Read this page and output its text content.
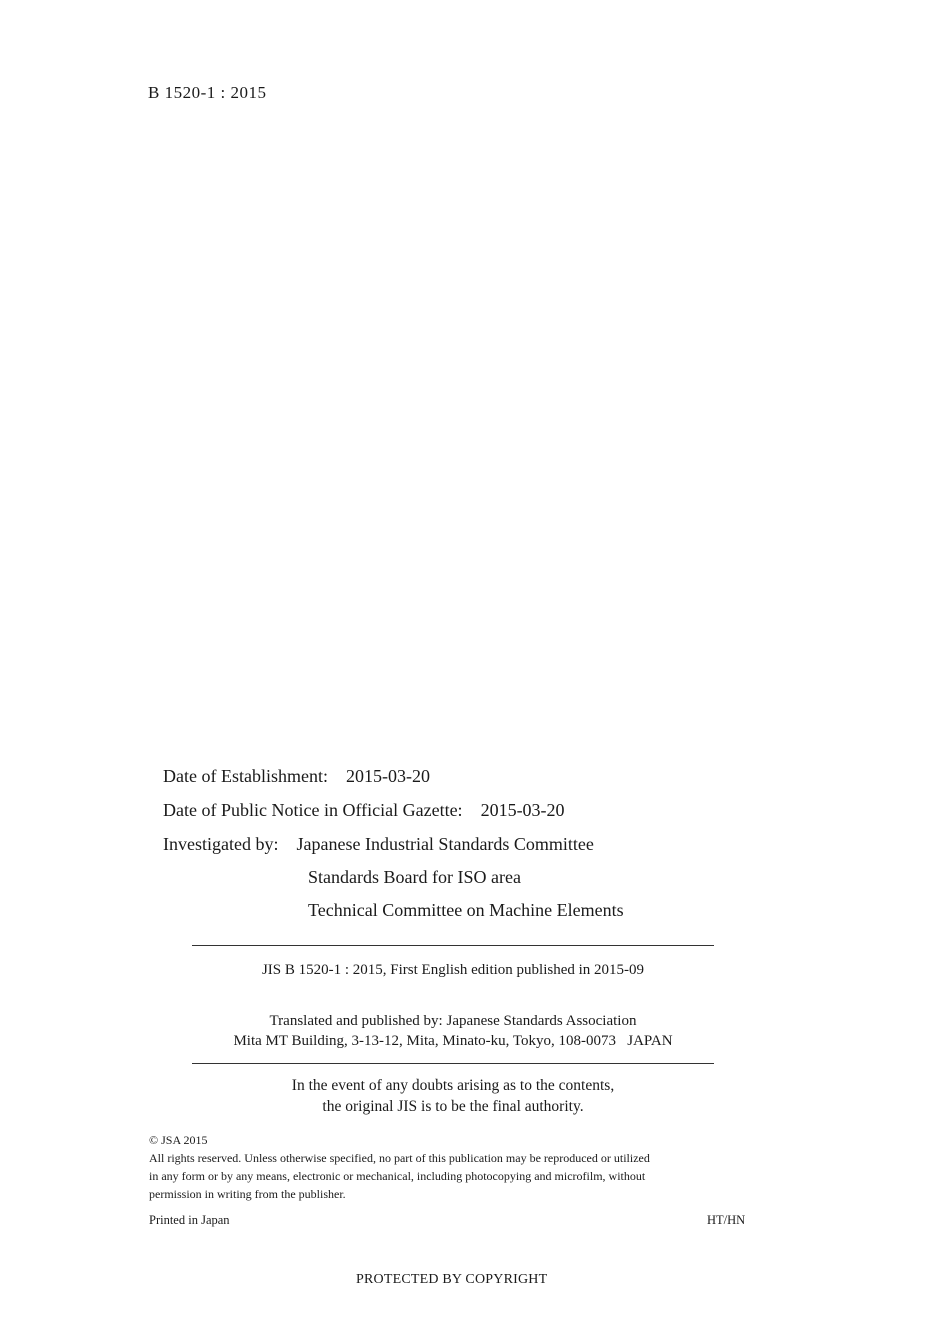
B 1520-1 : 2015
Date of Establishment: 2015-03-20
Date of Public Notice in Official Gazette: 2015-03-20
Investigated by: Japanese Industrial Standards Committee
Standards Board for ISO area
Technical Committee on Machine Elements
JIS B 1520-1 : 2015, First English edition published in 2015-09
Translated and published by: Japanese Standards Association
Mita MT Building, 3-13-12, Mita, Minato-ku, Tokyo, 108-0073   JAPAN
In the event of any doubts arising as to the contents,
the original JIS is to be the final authority.
© JSA 2015
All rights reserved. Unless otherwise specified, no part of this publication may be reproduced or utilized
in any form or by any means, electronic or mechanical, including photocopying and microfilm, without
permission in writing from the publisher.
Printed in Japan	HT/HN
PROTECTED BY COPYRIGHT
